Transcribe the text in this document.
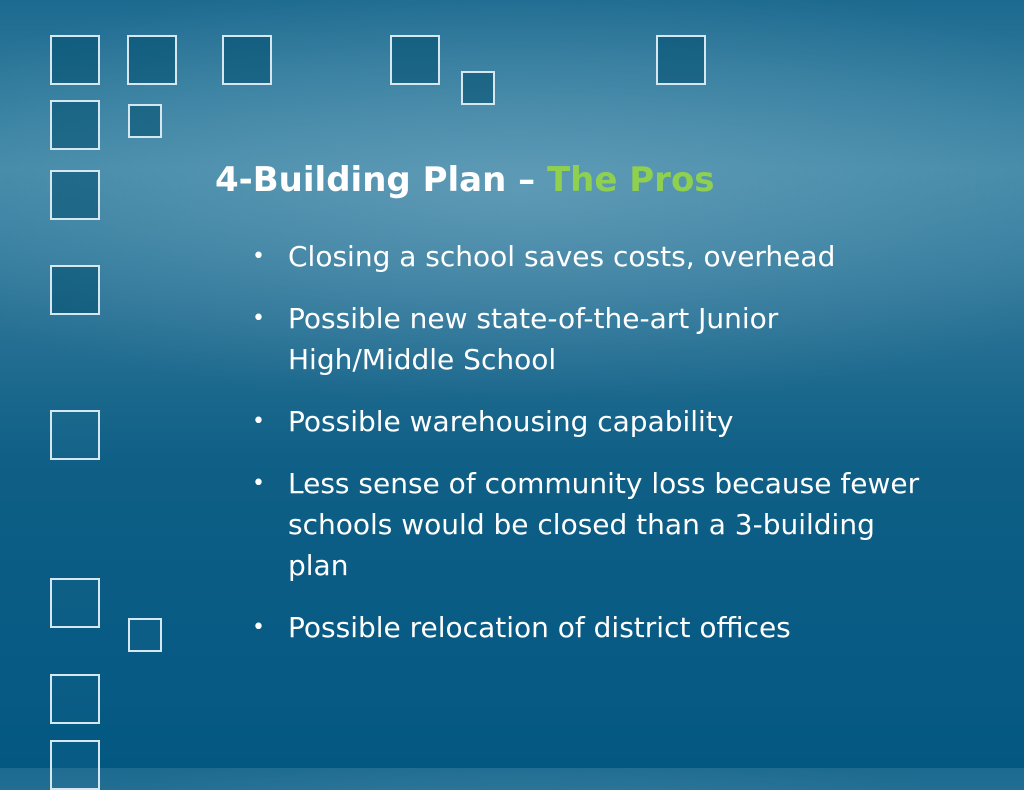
4-Building Plan – The Pros
• Closing a school saves costs, overhead
• Possible new state-of-the-art Junior High/Middle School
• Possible warehousing capability
• Less sense of community loss because fewer schools would be closed than a 3-building plan
• Possible relocation of district offices
